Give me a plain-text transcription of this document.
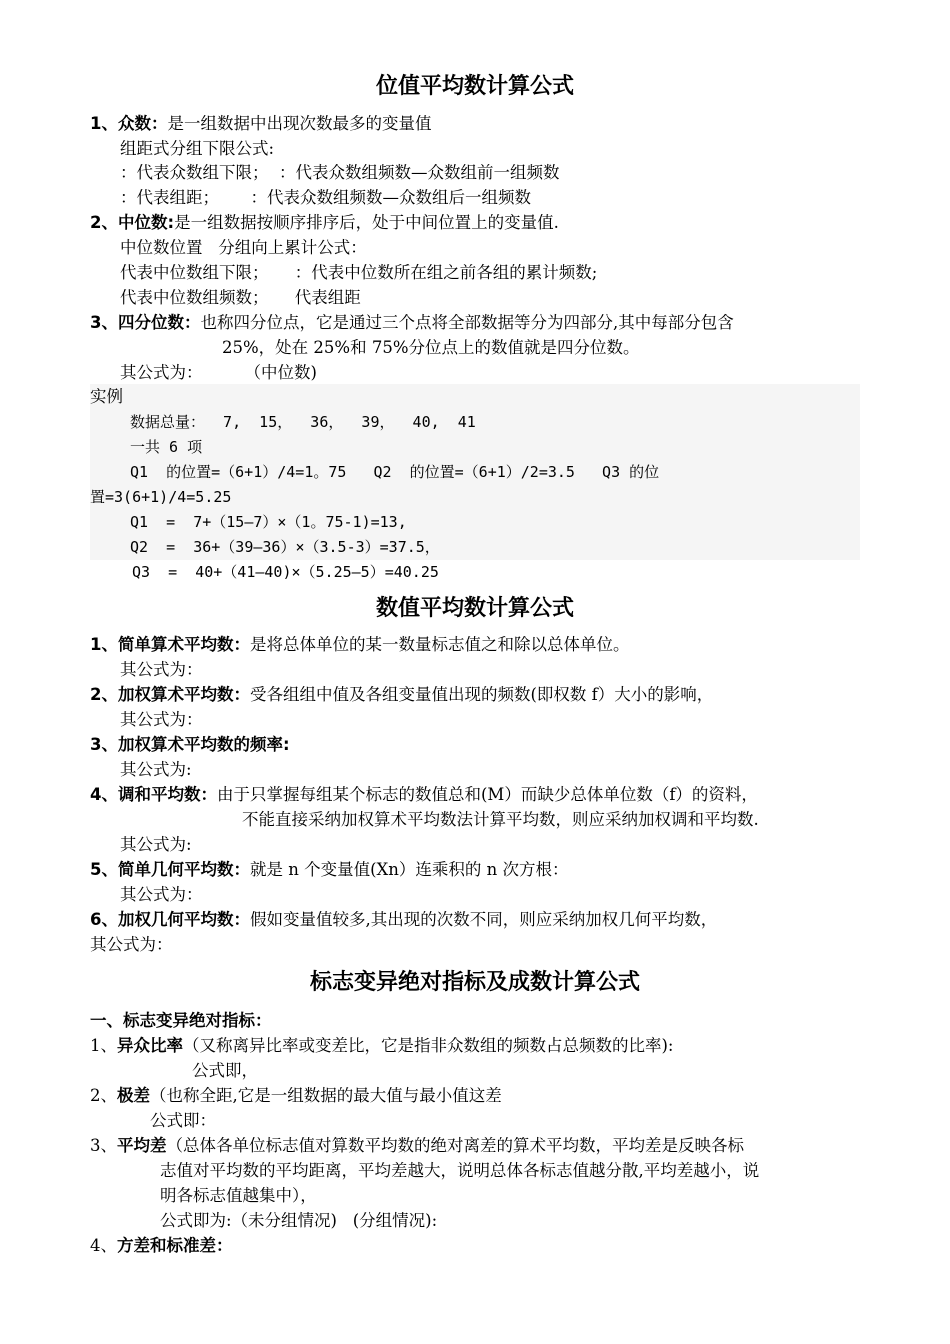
位值平均数计算公式
1、众数：是一组数据中出现次数最多的变量值
组距式分组下限公式:
：代表众数组下限；  ：代表众数组频数—众数组前一组频数
：代表组距；      ：代表众数组频数—众数组后一组频数
2、中位数:是一组数据按顺序排序后，处于中间位置上的变量值.
中位数位置   分组向上累计公式：
代表中位数组下限；     ：代表中位数所在组之前各组的累计频数;
代表中位数组频数；     代表组距
3、四分位数：也称四分位点，它是通过三个点将全部数据等分为四部分,其中每部分包含
25%，处在 25%和 75%分位点上的数值就是四分位数。
其公式为：        （中位数)
实例
数据总量：  7,  15，  36，  39，  40,  41
一共 6 项
Q1  的位置=（6+1）/4=1。75   Q2  的位置=（6+1）/2=3.5   Q3 的位
置=3(6+1)/4=5.25
Q1  =  7+（15—7）×（1。75-1)=13,
Q2  =  36+（39—36）×（3.5-3）=37.5，
Q3  =  40+（41—40)×（5.25—5）=40.25
数值平均数计算公式
1、简单算术平均数：是将总体单位的某一数量标志值之和除以总体单位。
其公式为：
2、加权算术平均数：受各组组中值及各组变量值出现的频数(即权数 f）大小的影响，
其公式为：
3、加权算术平均数的频率:
其公式为:
4、调和平均数：由于只掌握每组某个标志的数值总和(M）而缺少总体单位数（f）的资料，
不能直接采纳加权算术平均数法计算平均数，则应采纳加权调和平均数.
其公式为:
5、简单几何平均数：就是 n 个变量值(Xn）连乘积的 n 次方根：
其公式为：
6、加权几何平均数：假如变量值较多,其出现的次数不同，则应采纳加权几何平均数，
其公式为：
标志变异绝对指标及成数计算公式
一、标志变异绝对指标：
1、异众比率（又称离异比率或变差比，它是指非众数组的频数占总频数的比率):
公式即，
2、极差（也称全距,它是一组数据的最大值与最小值这差
公式即：
3、平均差（总体各单位标志值对算数平均数的绝对离差的算术平均数，平均差是反映各标
志值对平均数的平均距离，平均差越大，说明总体各标志值越分散,平均差越小，说
明各标志值越集中），
公式即为:（未分组情况)   (分组情况):
4、方差和标准差：
